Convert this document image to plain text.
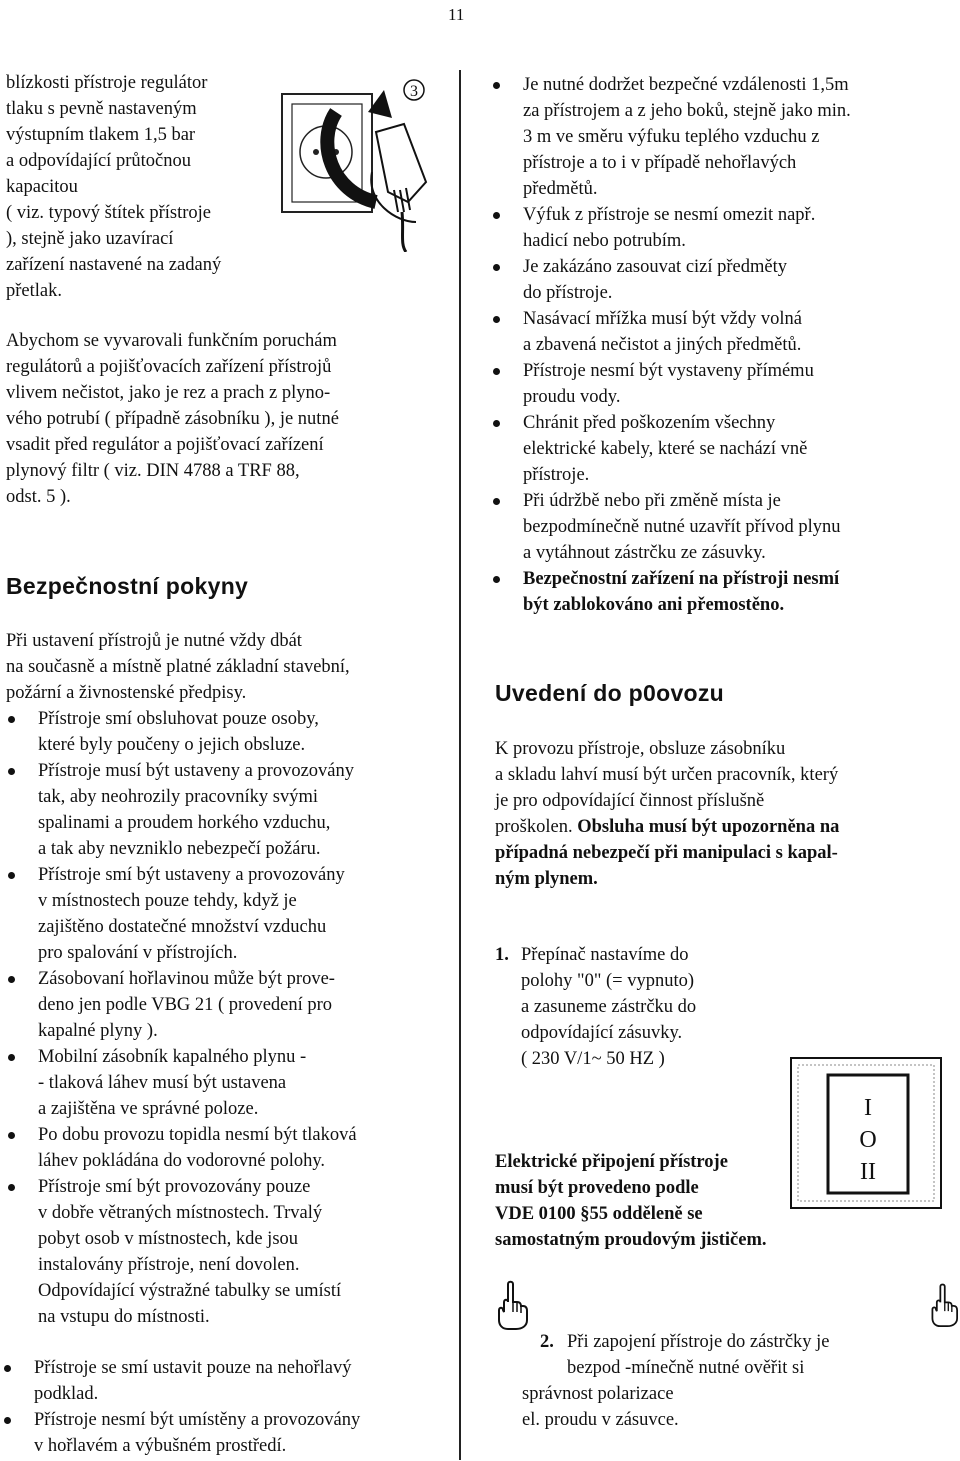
11
blízkosti přístroje regulátor
tlaku s pevně nastaveným
výstupním tlakem 1,5 bar
a odpovídající průtočnou
kapacitou
( viz. typový štítek přístroje
), stejně jako uzavírací
zařízení nastavené na zadaný
přetlak.
3
Abychom se vyvarovali funkčním poruchám
regulátorů a pojišťovacích zařízení přístrojů
vlivem nečistot, jako je rez a prach z plyno-
vého potrubí ( případně zásobníku ), je nutné
vsadit před regulátor a pojišťovací zařízení
plynový filtr ( viz. DIN 4788 a TRF 88,
odst. 5 ).
Bezpečnostní pokyny
Při ustavení přístrojů je nutné vždy dbát
na současně a místně platné základní stavební,
požární a živnostenské předpisy.
Přístroje smí obsluhovat pouze osoby,
které byly poučeny o jejich obsluze.
Přístroje musí být ustaveny a provozovány
tak, aby neohrozily pracovníky svými
spalinami a proudem horkého vzduchu,
a tak aby nevzniklo nebezpečí požáru.
Přístroje smí být ustaveny a provozovány
v místnostech pouze tehdy, když je
zajištěno dostatečné množství vzduchu
pro spalování v přístrojích.
Zásobovaní hořlavinou může být prove-
deno jen podle VBG 21 ( provedení pro
kapalné plyny ).
Mobilní zásobník kapalného plynu -
- tlaková láhev musí být ustavena
a zajištěna ve správné poloze.
Po dobu provozu topidla nesmí být tlaková
láhev pokládána do vodorovné polohy.
Přístroje smí být provozovány pouze
v dobře větraných místnostech. Trvalý
pobyt osob v místnostech, kde jsou
instalovány přístroje, není dovolen.
Odpovídající výstražné tabulky se umístí
na vstupu do místnosti.
Přístroje se smí ustavit pouze na nehořlavý
podklad.
Přístroje nesmí být umístěny a provozovány
v hořlavém a výbušném prostředí.
Je nutné dodržet bezpečné vzdálenosti 1,5m
za přístrojem a z jeho boků, stejně jako min.
3 m ve směru výfuku teplého vzduchu z
přístroje a to i v případě nehořlavých
předmětů.
Výfuk z přístroje se nesmí omezit např.
hadicí nebo potrubím.
Je zakázáno zasouvat cizí předměty
do přístroje.
Nasávací mřížka musí být vždy volná
a zbavená nečistot a jiných předmětů.
Přístroje nesmí být vystaveny přímému
proudu vody.
Chránit před poškozením všechny
elektrické kabely, které se nachází vně
přístroje.
Při údržbě nebo při změně místa je
bezpodmínečně nutné uzavřít přívod plynu
a vytáhnout zástrčku ze zásuvky.
Bezpečnostní zařízení na přístroji nesmí
být zablokováno ani přemostěno.
Uvedení do p0ovozu
K provozu přístroje, obsluze zásobníku
a skladu lahví musí být určen pracovník, který
je pro odpovídající činnost příslušně
proškolen. Obsluha musí být upozorněna na
případná nebezpečí při manipulaci s kapal-
ným plynem.
1. Přepínač nastavíme do
polohy "0" (= vypnuto)
a zasuneme zástrčku do
odpovídající zásuvky.
( 230 V/1~ 50 HZ )
I
O
II
Elektrické připojení přístroje
musí být provedeno podle
VDE 0100 §55 odděleně se
samostatným proudovým jističem.
2. Při zapojení přístroje do zástrčky je
bezpod -mínečně nutné ověřit si
správnost polarizace
el. proudu v zásuvce.
